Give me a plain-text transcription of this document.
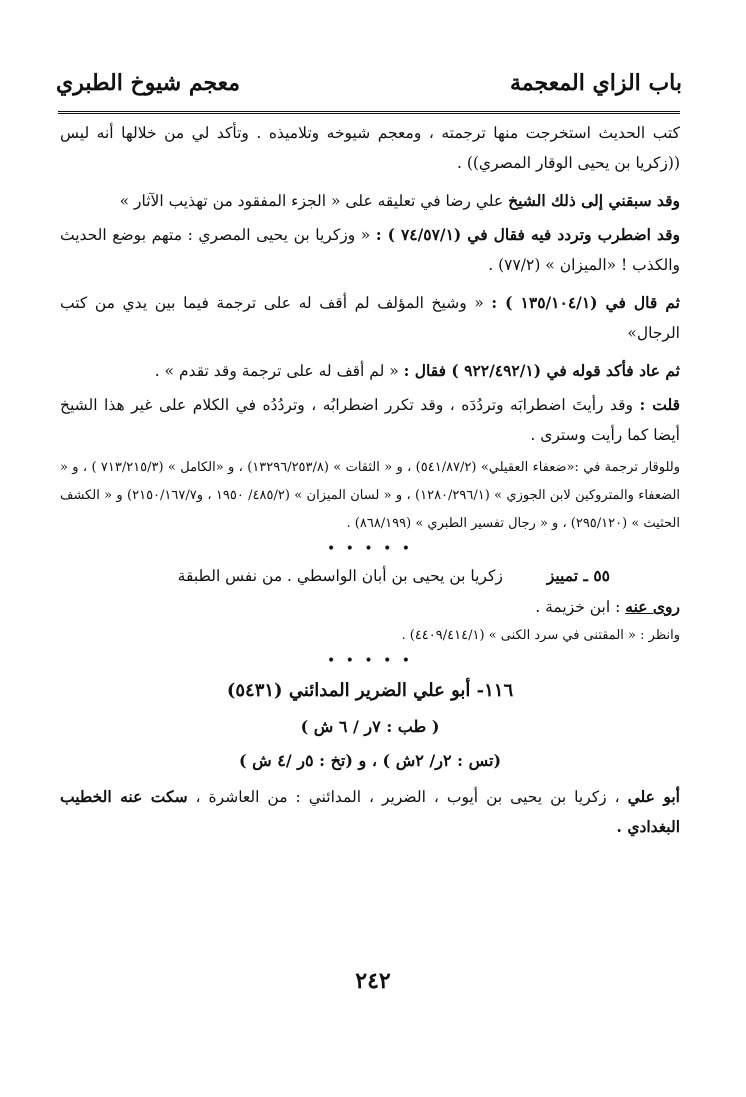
باب الزاي المعجمة
معجم شيوخ الطبري

كتب الحديث استخرجت منها ترجمته ، ومعجم شيوخه وتلاميذه . وتأكد لي من خلالها أنه ليس ((زكريا بن يحيى الوقار المصري)) .

وقد سبقني إلى ذلك الشيخ علي رضا في تعليقه على « الجزء المفقود من تهذيب الآثار »

وقد اضطرب وتردد فيه فقال في (٧٤/٥٧/١ ) : « وزكريا بن يحيى المصري : متهم بوضع الحديث والكذب ! «الميزان » (٧٧/٢) .

ثم قال في (١٣٥/١٠٤/١ ) : « وشيخ المؤلف لم أقف له على ترجمة فيما بين يدي من كتب الرجال»

ثم عاد فأكد قوله في (٩٢٢/٤٩٢/١ ) فقال : « لم أقف له على ترجمة وقد تقدم » .

قلت : وقد رأيتَ اضطرابَه وتردُدَه ، وقد تكرر اضطرابُه ، وتردُدُه في الكلام على غير هذا الشيخ أيضا كما رأيت وسترى .

وللوقار ترجمة في :«ضعفاء العقيلي» (٥٤١/٨٧/٢) ، و « الثقات » (١٣٢٩٦/٢٥٣/٨) ، و «الكامل » (٧١٣/٢١٥/٣ ) ، و « الضعفاء والمتروكين لابن الجوزي » (١٢٨٠/٢٩٦/١) ، و « لسان الميزان » (٤٨٥/٢/ ١٩٥٠ ، و٢١٥٠/١٦٧/٧) و « الكشف الحثيث » (٢٩٥/١٢٠) ، و « رجال تفسير الطبري » (٨٦٨/١٩٩) .

• • • • •

٥٥ ـ تمييززكريا بن يحيى بن أبان الواسطي . من نفس الطبقة

روى عنه : ابن خزيمة .

وانظر : « المقتنى في سرد الكنى » (٤٤٠٩/٤١٤/١) .

• • • • •

١١٦- أبو علي الضرير المدائني (٥٤٣١)

( طب : ٧ر / ٦ ش )

(تس : ٢ر/ ٢ش ) ، و (تخ : ٥ر /٤ ش )

أبو علي ، زكريا بن يحيى بن أيوب ، الضرير ، المدائني : من العاشرة ، سكت عنه الخطيب البغدادي .

٢٤٢
